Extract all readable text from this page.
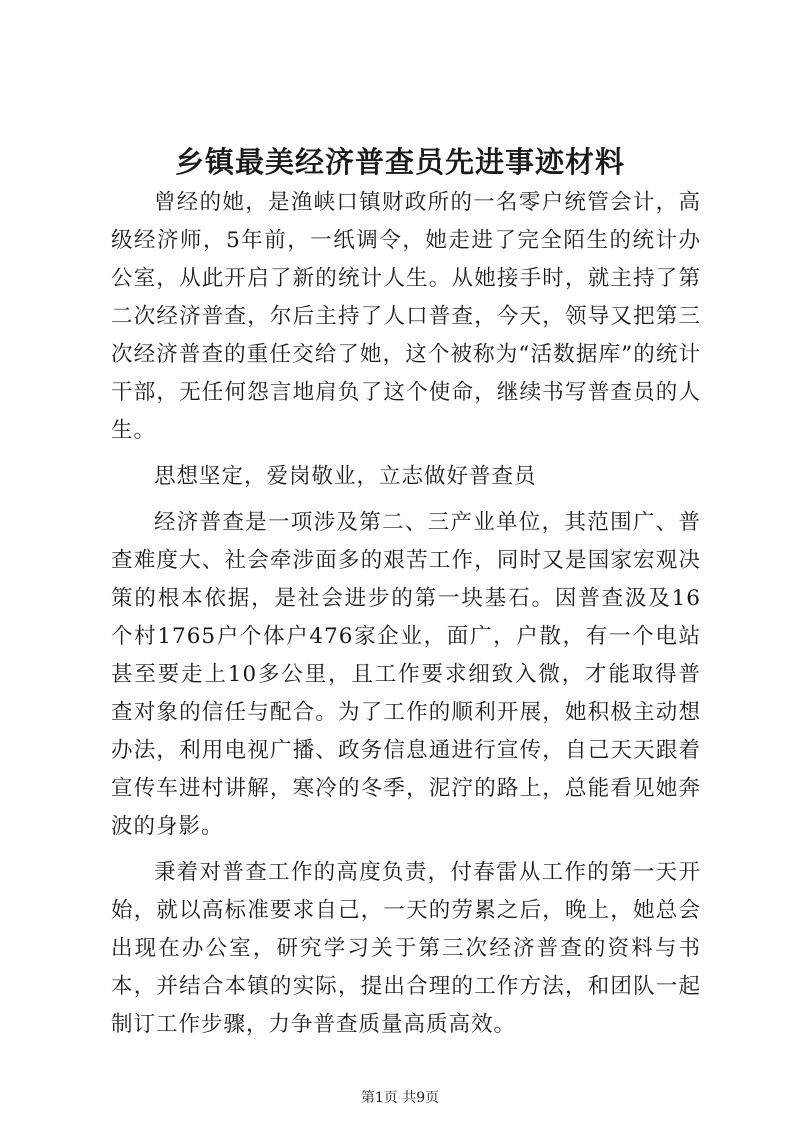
乡镇最美经济普查员先进事迹材料

曾经的她，是渔峡口镇财政所的一名零户统管会计，高级经济师，5年前，一纸调令，她走进了完全陌生的统计办公室，从此开启了新的统计人生。从她接手时，就主持了第二次经济普查，尔后主持了人口普查，今天，领导又把第三次经济普查的重任交给了她，这个被称为“活数据库”的统计干部，无任何怨言地肩负了这个使命，继续书写普查员的人生。

思想坚定，爱岗敬业，立志做好普查员

经济普查是一项涉及第二、三产业单位，其范围广、普查难度大、社会牵涉面多的艰苦工作，同时又是国家宏观决策的根本依据，是社会进步的第一块基石。因普查汲及16个村1765户个体户476家企业，面广，户散，有一个电站甚至要走上10多公里，且工作要求细致入微，才能取得普查对象的信任与配合。为了工作的顺利开展，她积极主动想办法，利用电视广播、政务信息通进行宣传，自己天天跟着宣传车进村讲解，寒冷的冬季，泥泞的路上，总能看见她奔波的身影。

秉着对普查工作的高度负责，付春雷从工作的第一天开始，就以高标准要求自己，一天的劳累之后，晚上，她总会出现在办公室，研究学习关于第三次经济普查的资料与书本，并结合本镇的实际，提出合理的工作方法，和团队一起制订工作步骤，力争普查质量高质高效。

第1页 共9页
